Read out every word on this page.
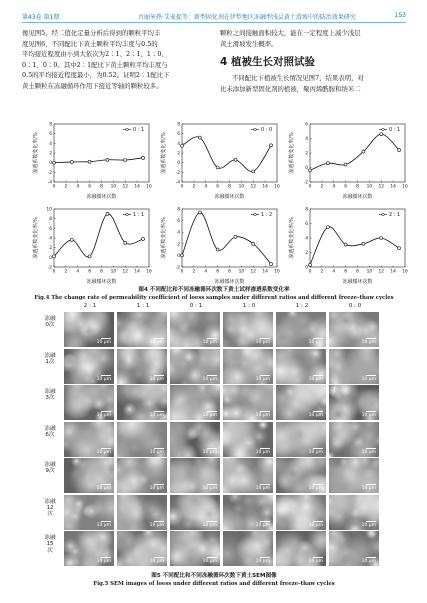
第43卷 第1期	古丽米热·艾麦提等：新型固化剂在伊犁地区冻融型浅层黄土滑坡中的防治效果研究	153

像见图5，经二值化定量分析后得到的颗粒平均丰

度见图6，不同配比下黄土颗粒平均丰度与0.5的

平均接近程度由小到大依次为2∶1、2∶1、1∶0、

0∶1、0∶0。其中2∶1配比下黄土颗粒平均丰度与

0.5的平均接近程度最小，为0.52。证明2∶1配比下

黄土颗粒在冻融循环作用下接近等轴的颗粒较多。

颗粒之间接触面积较大，能在一定程度上减少浅层

黄土滑坡发生概率。

4 植被生长对照试验

不同配比下植被生长情况见图7，结果表明，对

比未添加新型固化剂的植被，聚丙烯酰胺和纳米二

0 2 4 6 8 10 12 14 16
-4
-2
0
2
4
6
8
冻融循环次数
渗透系数变化率/%
0 : 1
0 2 4 6 8 10 12 14 16
-4
-2
0
2
4
6
8
冻融循环次数
渗透系数变化率/%
0 : 0
0 2 4 6 8 10 12 14 16
-2
0
2
4
6
冻融循环次数
渗透系数变化率/%
0 : 1
0 2 4 6 8 10 12 14 16
-2
0
2
4
6
8
10
冻融循环次数
渗透系数变化率/%
1 : 1
0 2 4 6 8 10 12 14 16
-2
0
2
4
6
8
冻融循环次数
渗透系数变化率/%
1 : 2
0 2 4 6 8 10 12 14 16
0
2
4
6
8
冻融循环次数
渗透系数变化率/%
2 : 1
图4 不同配比和不同冻融循环次数下黄土试样渗透系数变化率
Fig.4 The change rate of permeability coefficient of loess samples under different ratios and different freeze–thaw cycles
2 : 1	1 : 1	0 : 1	1 : 0	1 : 2	0 : 0
冻融0次
10 μm	10 μm	10 μm	10 μm	10 μm	10 μm
冻融1次
10 μm	10 μm	10 μm	10 μm	10 μm	10 μm
冻融3次
10 μm	10 μm	10 μm	10 μm	10 μm	10 μm
冻融6次
10 μm	10 μm	10 μm	10 μm	10 μm	10 μm
冻融9次
10 μm	10 μm	10 μm	10 μm	10 μm	10 μm
冻融12次
10 μm	10 μm	10 μm	10 μm	10 μm	10 μm
冻融15次
10 μm	10 μm	10 μm	10 μm	10 μm	10 μm
图5 不同配比和不同冻融循环次数下黄土SEM图像
Fig.5 SEM images of loess under different ratios and different freeze–thaw cycles
